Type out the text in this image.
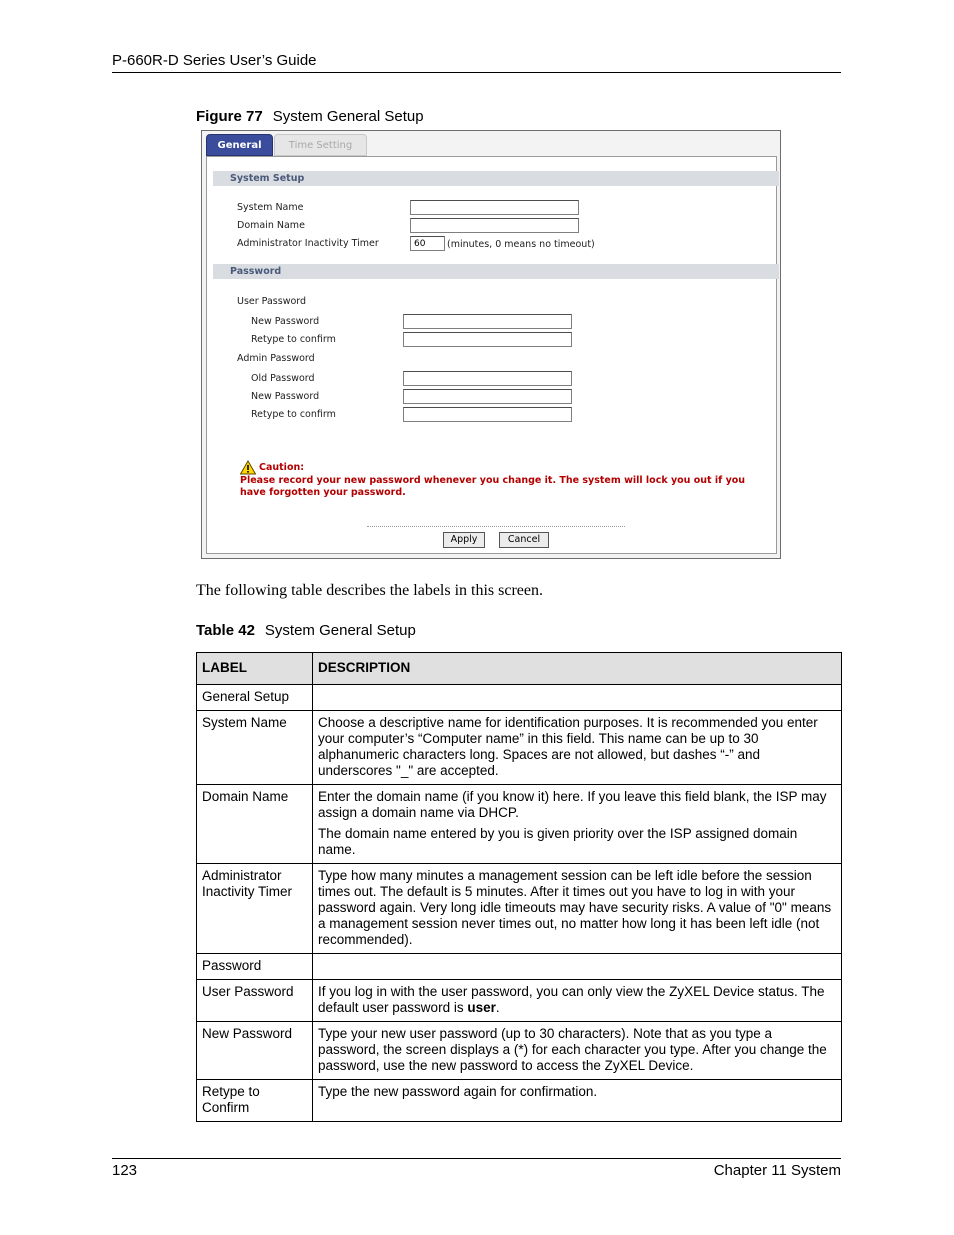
P-660R-D Series User’s Guide
Figure 77 System General Setup
General	Time Setting
System Setup
System Name
Domain Name
Administrator Inactivity Timer	60	(minutes, 0 means no timeout)
Password
User Password
New Password
Retype to confirm
Admin Password
Old Password
New Password
Retype to confirm
Caution:
Please record your new password whenever you change it. The system will lock you out if you have forgotten your password.
Apply	Cancel
The following table describes the labels in this screen.
Table 42 System General Setup
LABEL	DESCRIPTION
General Setup	
System Name	Choose a descriptive name for identification purposes. It is recommended you enter your computer’s “Computer name” in this field. This name can be up to 30 alphanumeric characters long. Spaces are not allowed, but dashes “-” and underscores "_" are accepted.
Domain Name	Enter the domain name (if you know it) here. If you leave this field blank, the ISP may assign a domain name via DHCP.

The domain name entered by you is given priority over the ISP assigned domain name.

Administrator Inactivity Timer	Type how many minutes a management session can be left idle before the session times out. The default is 5 minutes. After it times out you have to log in with your password again. Very long idle timeouts may have security risks. A value of "0" means a management session never times out, no matter how long it has been left idle (not recommended).
Password	
User Password	If you log in with the user password, you can only view the ZyXEL Device status. The default user password is user.
New Password	Type your new user password (up to 30 characters). Note that as you type a password, the screen displays a (*) for each character you type. After you change the password, use the new password to access the ZyXEL Device.
Retype to Confirm	Type the new password again for confirmation.
123	Chapter 11 System
